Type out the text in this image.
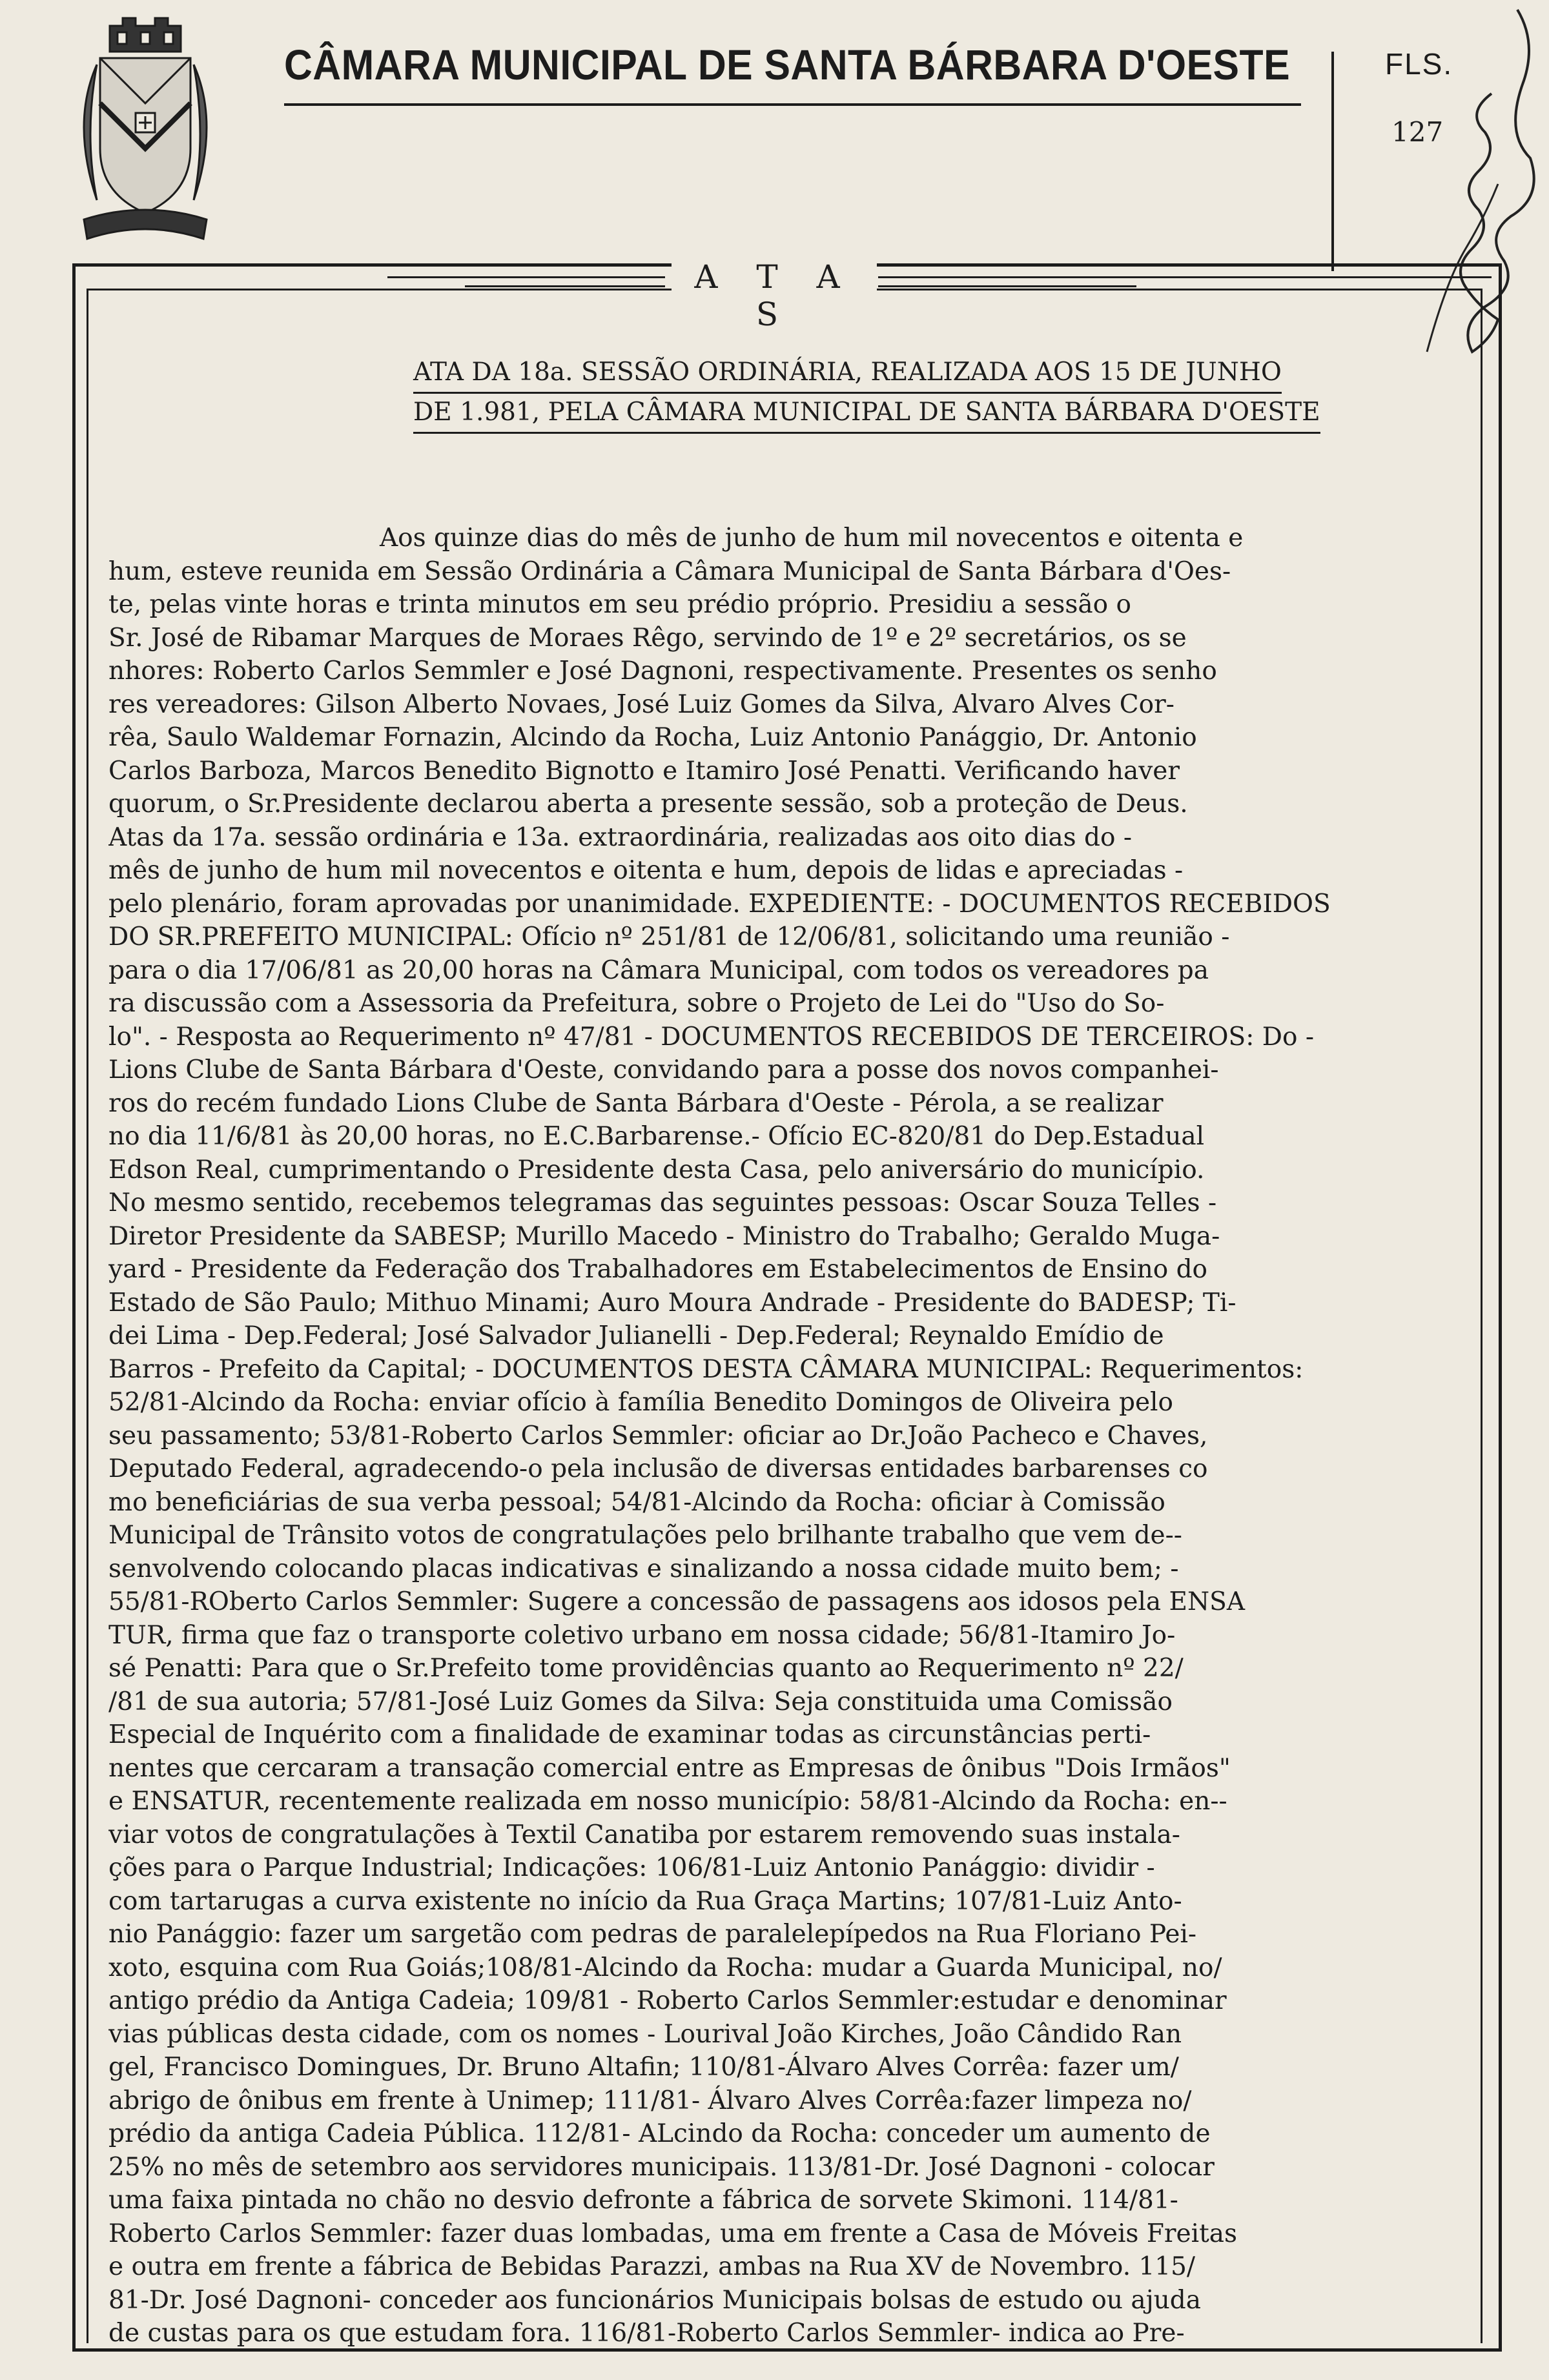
CÂMARA MUNICIPAL DE SANTA BÁRBARA D'OESTE	FLS.
127
A T A S
ATA DA 18a. SESSÃO ORDINÁRIA, REALIZADA AOS 15 DE JUNHO
DE 1.981, PELA CÂMARA MUNICIPAL DE SANTA BÁRBARA D'OESTE
Aos quinze dias do mês de junho de hum mil novecentos e oitenta e
hum, esteve reunida em Sessão Ordinária a Câmara Municipal de Santa Bárbara d'Oes-
te, pelas vinte horas e trinta minutos em seu prédio próprio. Presidiu a sessão o
Sr. José de Ribamar Marques de Moraes Rêgo, servindo de 1º e 2º secretários, os se
nhores: Roberto Carlos Semmler e José Dagnoni, respectivamente. Presentes os senho
res vereadores: Gilson Alberto Novaes, José Luiz Gomes da Silva, Alvaro Alves Cor-
rêa, Saulo Waldemar Fornazin, Alcindo da Rocha, Luiz Antonio Panággio, Dr. Antonio
Carlos Barboza, Marcos Benedito Bignotto e Itamiro José Penatti. Verificando haver
quorum, o Sr.Presidente declarou aberta a presente sessão, sob a proteção de Deus.
Atas da 17a. sessão ordinária e 13a. extraordinária, realizadas aos oito dias do -
mês de junho de hum mil novecentos e oitenta e hum, depois de lidas e apreciadas -
pelo plenário, foram aprovadas por unanimidade. EXPEDIENTE: - DOCUMENTOS RECEBIDOS
DO SR.PREFEITO MUNICIPAL: Ofício nº 251/81 de 12/06/81, solicitando uma reunião -
para o dia 17/06/81 as 20,00 horas na Câmara Municipal, com todos os vereadores pa
ra discussão com a Assessoria da Prefeitura, sobre o Projeto de Lei do "Uso do So-
lo". - Resposta ao Requerimento nº 47/81 - DOCUMENTOS RECEBIDOS DE TERCEIROS: Do -
Lions Clube de Santa Bárbara d'Oeste, convidando para a posse dos novos companhei-
ros do recém fundado Lions Clube de Santa Bárbara d'Oeste - Pérola, a se realizar
no dia 11/6/81 às 20,00 horas, no E.C.Barbarense.- Ofício EC-820/81 do Dep.Estadual
Edson Real, cumprimentando o Presidente desta Casa, pelo aniversário do município.
No mesmo sentido, recebemos telegramas das seguintes pessoas: Oscar Souza Telles -
Diretor Presidente da SABESP; Murillo Macedo - Ministro do Trabalho; Geraldo Muga-
yard - Presidente da Federação dos Trabalhadores em Estabelecimentos de Ensino do
Estado de São Paulo; Mithuo Minami; Auro Moura Andrade - Presidente do BADESP; Ti-
dei Lima - Dep.Federal; José Salvador Julianelli - Dep.Federal; Reynaldo Emídio de
Barros - Prefeito da Capital; - DOCUMENTOS DESTA CÂMARA MUNICIPAL: Requerimentos:
52/81-Alcindo da Rocha: enviar ofício à família Benedito Domingos de Oliveira pelo
seu passamento; 53/81-Roberto Carlos Semmler: oficiar ao Dr.João Pacheco e Chaves,
Deputado Federal, agradecendo-o pela inclusão de diversas entidades barbarenses co
mo beneficiárias de sua verba pessoal; 54/81-Alcindo da Rocha: oficiar à Comissão
Municipal de Trânsito votos de congratulações pelo brilhante trabalho que vem de--
senvolvendo colocando placas indicativas e sinalizando a nossa cidade muito bem; -
55/81-ROberto Carlos Semmler: Sugere a concessão de passagens aos idosos pela ENSA
TUR, firma que faz o transporte coletivo urbano em nossa cidade; 56/81-Itamiro Jo-
sé Penatti: Para que o Sr.Prefeito tome providências quanto ao Requerimento nº 22/
/81 de sua autoria; 57/81-José Luiz Gomes da Silva: Seja constituida uma Comissão
Especial de Inquérito com a finalidade de examinar todas as circunstâncias perti-
nentes que cercaram a transação comercial entre as Empresas de ônibus "Dois Irmãos"
e ENSATUR, recentemente realizada em nosso município: 58/81-Alcindo da Rocha: en--
viar votos de congratulações à Textil Canatiba por estarem removendo suas instala-
ções para o Parque Industrial; Indicações: 106/81-Luiz Antonio Panággio: dividir -
com tartarugas a curva existente no início da Rua Graça Martins; 107/81-Luiz Anto-
nio Panággio: fazer um sargetão com pedras de paralelepípedos na Rua Floriano Pei-
xoto, esquina com Rua Goiás;108/81-Alcindo da Rocha: mudar a Guarda Municipal, no/
antigo prédio da Antiga Cadeia; 109/81 - Roberto Carlos Semmler:estudar e denominar
vias públicas desta cidade, com os nomes - Lourival João Kirches, João Cândido Ran
gel, Francisco Domingues, Dr. Bruno Altafin; 110/81-Álvaro Alves Corrêa: fazer um/
abrigo de ônibus em frente à Unimep; 111/81- Álvaro Alves Corrêa:fazer limpeza no/
prédio da antiga Cadeia Pública. 112/81- ALcindo da Rocha: conceder um aumento de
25% no mês de setembro aos servidores municipais. 113/81-Dr. José Dagnoni - colocar
uma faixa pintada no chão no desvio defronte a fábrica de sorvete Skimoni. 114/81-
Roberto Carlos Semmler: fazer duas lombadas, uma em frente a Casa de Móveis Freitas
e outra em frente a fábrica de Bebidas Parazzi, ambas na Rua XV de Novembro. 115/
81-Dr. José Dagnoni- conceder aos funcionários Municipais bolsas de estudo ou ajuda
de custas para os que estudam fora. 116/81-Roberto Carlos Semmler- indica ao Pre-
